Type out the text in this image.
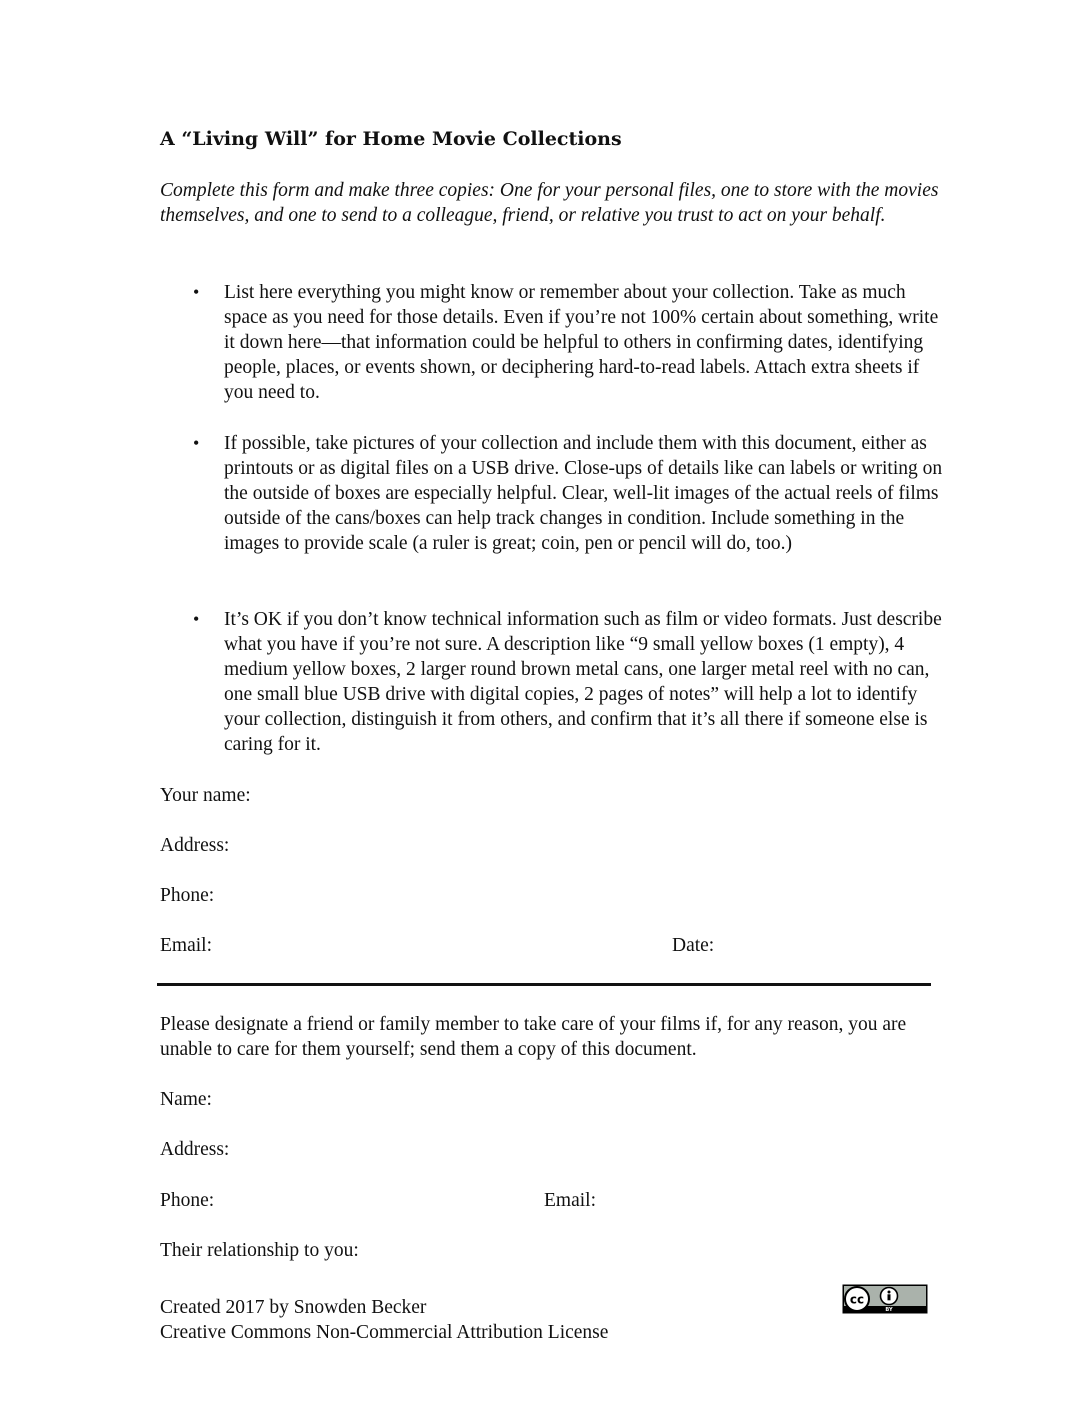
A “Living Will” for Home Movie Collections
Complete this form and make three copies: One for your personal files, one to store with the movies themselves, and one to send to a colleague, friend, or relative you trust to act on your behalf.
• List here everything you might know or remember about your collection. Take as much space as you need for those details. Even if you’re not 100% certain about something, write it down here—that information could be helpful to others in confirming dates, identifying people, places, or events shown, or deciphering hard-to-read labels. Attach extra sheets if you need to.
• If possible, take pictures of your collection and include them with this document, either as printouts or as digital files on a USB drive. Close-ups of details like can labels or writing on the outside of boxes are especially helpful. Clear, well-lit images of the actual reels of films outside of the cans/boxes can help track changes in condition. Include something in the images to provide scale (a ruler is great; coin, pen or pencil will do, too.)
• It’s OK if you don’t know technical information such as film or video formats. Just describe what you have if you’re not sure. A description like “9 small yellow boxes (1 empty), 4 medium yellow boxes, 2 larger round brown metal cans, one larger metal reel with no can, one small blue USB drive with digital copies, 2 pages of notes” will help a lot to identify your collection, distinguish it from others, and confirm that it’s all there if someone else is caring for it.
Your name:
Address:
Phone:
Email:	Date:
Please designate a friend or family member to take care of your films if, for any reason, you are unable to care for them yourself; send them a copy of this document.
Name:
Address:
Phone:	Email:
Their relationship to you:
Created 2017 by Snowden Becker
Creative Commons Non-Commercial Attribution License
cc
BY
